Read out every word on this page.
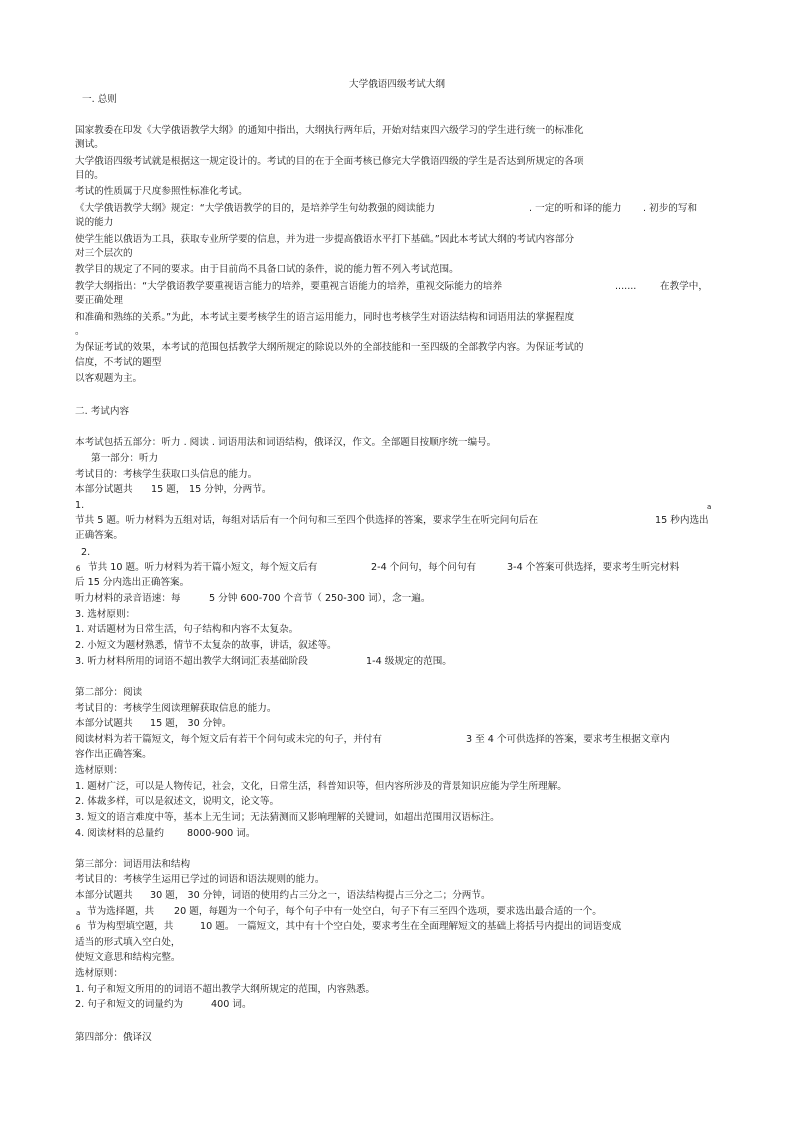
大学俄语四级考试大纲
一. 总则
国家教委在印发《大学俄语教学大纲》的通知中指出，大纲执行两年后，开始对结束四六级学习的学生进行统一的标准化
测试。
大学俄语四级考试就是根据这一规定设计的。考试的目的在于全面考核已修完大学俄语四级的学生是否达到所规定的各项
目的。
考试的性质属于尺度参照性标准化考试。
《大学俄语教学大纲》规定：“大学俄语教学的目的，是培养学生句幼教强的阅读能力	. 一定的听和译的能力 . 初步的写和
说的能力
使学生能以俄语为工具，获取专业所学要的信息，并为进一步提高俄语水平打下基础。”因此本考试大纲的考试内容部分
对三个层次的
教学目的规定了不同的要求。由于目前尚不具备口试的条件，说的能力暂不列入考试范围。
教学大纲指出：“大学俄语教学要重视语言能力的培养，要重视言语能力的培养，重视交际能力的培养	....... 在教学中，
要正确处理
和准确和熟练的关系。”为此，本考试主要考核学生的语言运用能力，同时也考核学生对语法结构和词语用法的掌握程度
。
为保证考试的效果，本考试的范围包括教学大纲所规定的除说以外的全部技能和一至四级的全部教学内容。为保证考试的
信度，不考试的题型
以客观题为主。
二. 考试内容
本考试包括五部分：听力 . 阅读 . 词语用法和词语结构，俄译汉，作文。全部题目按顺序统一编号。
第一部分：听力
考试目的：考核学生获取口头信息的能力。
本部分试题共 15 题， 15 分钟，分两节。
1.	a
节共 5 题。听力材料为五组对话，每组对话后有一个问句和三至四个供选择的答案，要求学生在听完问句后在	15 秒内选出
正确答案。
2.
б 节共 10 题。听力材料为若干篇小短文，每个短文后有	2-4 个问句，每个问句有	3-4 个答案可供选择，要求考生听完材料
后 15 分内选出正确答案。
听力材料的录音语速：每	5 分钟 600-700 个音节（ 250-300 词），念一遍。
3. 选材原则：
1. 对话题材为日常生活，句子结构和内容不太复杂。
2. 小短文为题材熟悉，情节不太复杂的故事，讲话，叙述等。
3. 听力材料所用的词语不超出教学大纲词汇表基础阶段	1-4 级规定的范围。
第二部分：阅读
考试目的：考核学生阅读理解获取信息的能力。
本部分试题共 15 题， 30 分钟。
阅读材料为若干篇短文，每个短文后有若干个问句或未完的句子，并付有	3 至 4 个可供选择的答案，要求考生根据文章内
容作出正确答案。
选材原则：
1. 题材广泛，可以是人物传记，社会，文化，日常生活，科普知识等，但内容所涉及的背景知识应能为学生所理解。
2. 体裁多样，可以是叙述文，说明文，论文等。
3. 短文的语言难度中等，基本上无生词；无法猜测而又影响理解的关键词，如超出范围用汉语标注。
4. 阅读材料的总量约 8000-900 词。
第三部分：词语用法和结构
考试目的：考核学生运用已学过的词语和语法规则的能力。
本部分试题共 30 题， 30 分钟，词语的使用约占三分之一，语法结构提占三分之二；分两节。
a 节为选择题，共 20 题，每题为一个句子，每个句子中有一处空白，句子下有三至四个选项，要求选出最合适的一个。
б 节为构型填空题，共	10 题。 一篇短文，其中有十个空白处，要求考生在全面理解短文的基础上将括号内提出的词语变成
适当的形式填入空白处，
使短文意思和结构完整。
选材原则：
1. 句子和短文所用的的词语不超出教学大纲所规定的范围，内容熟悉。
2. 句子和短文的词量约为	400 词。
第四部分：俄译汉
